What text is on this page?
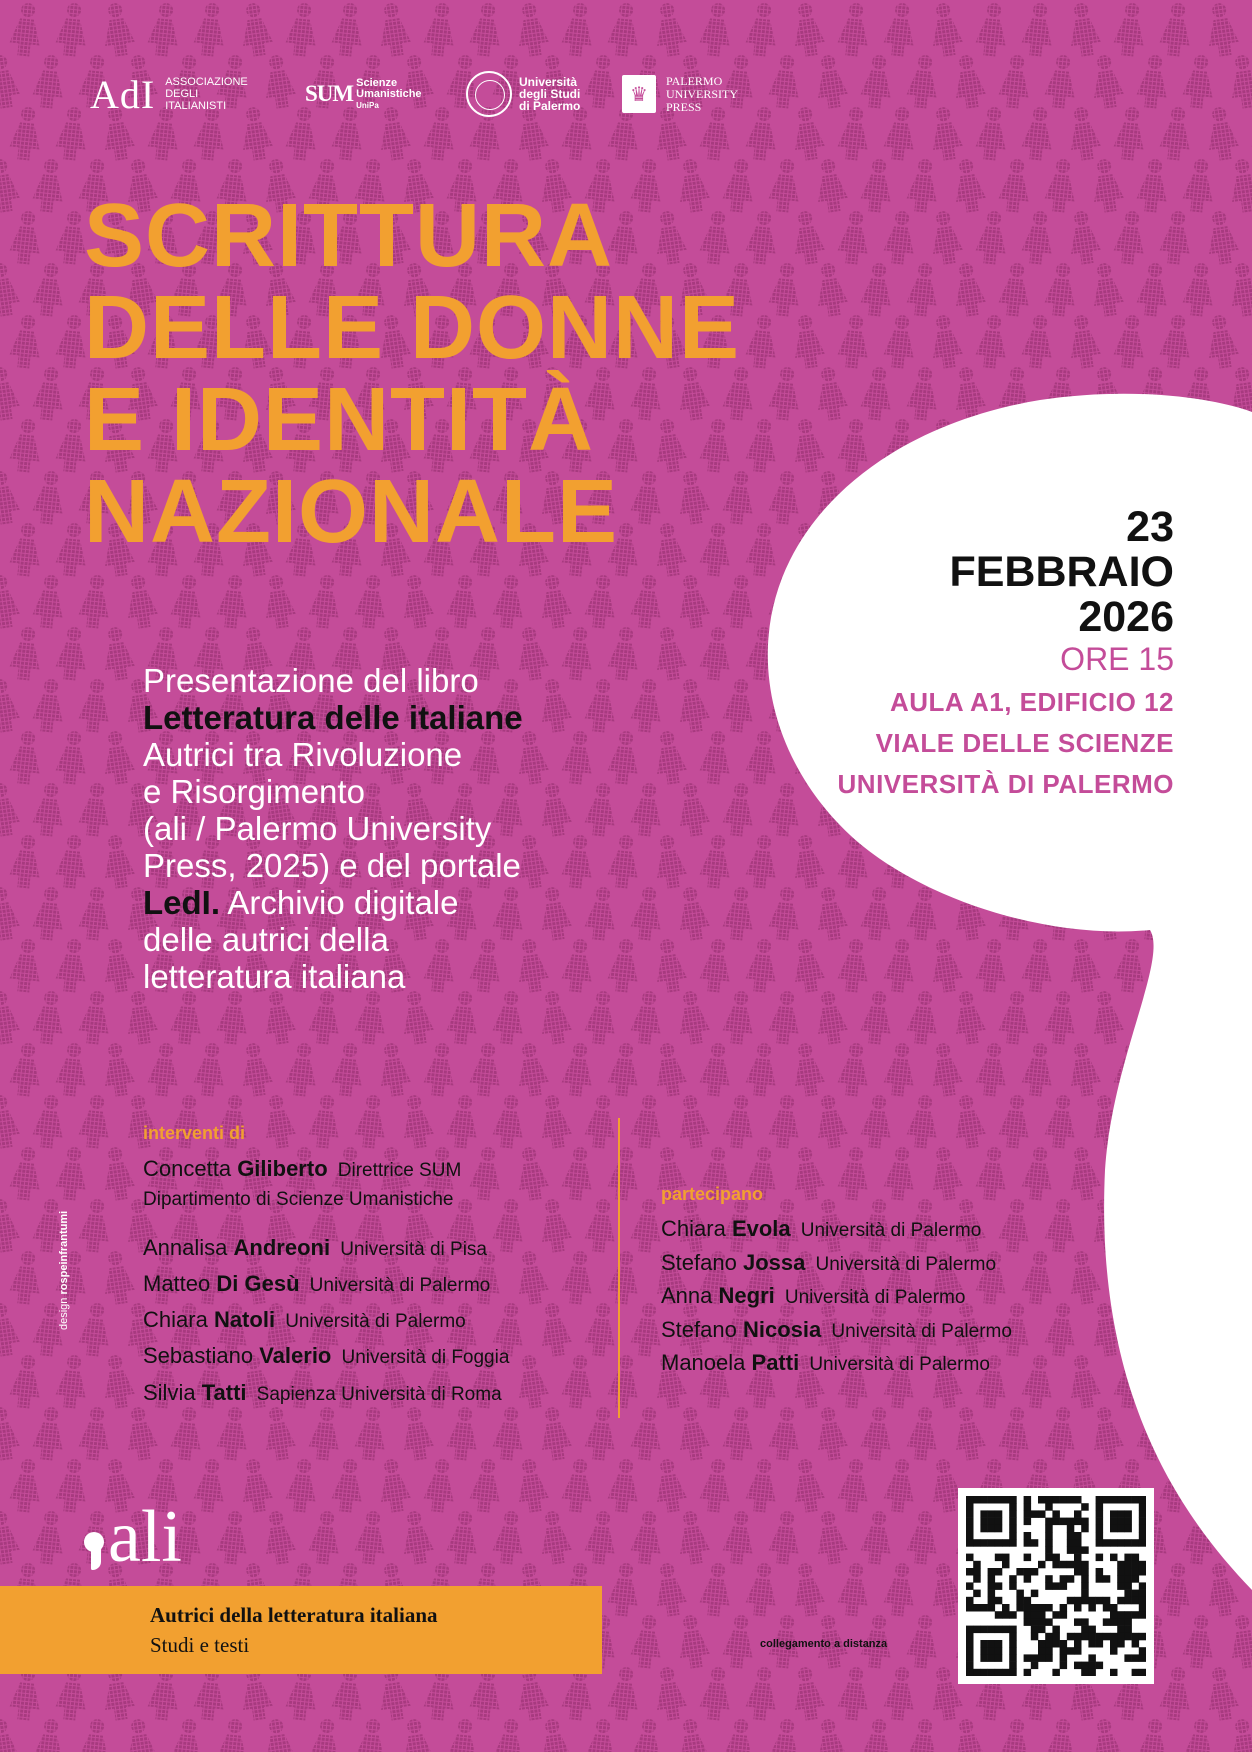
AdI ASSOCIAZIONE
DEGLI
ITALIANISTI	SUM Scienze
Umanistiche
UniPa
Università
degli Studi
di Palermo
♛
PALERMO
UNIVERSITY
PRESS
SCRITTURA
DELLE DONNE
E IDENTITÀ
NAZIONALE	23
FEBBRAIO
2026
ORE 15
AULA A1, EDIFICIO 12
VIALE DELLE SCIENZE
UNIVERSITÀ DI PALERMO
Presentazione del libro
Letteratura delle italiane
Autrici tra Rivoluzione
e Risorgimento
(ali / Palermo University
Press, 2025) e del portale
LedI. Archivio digitale
delle autrici della
letteratura italiana
interventi di
Concetta Giliberto Direttrice SUM
Dipartimento di Scienze Umanistiche
Annalisa Andreoni Università di Pisa
Matteo Di Gesù Università di Palermo
Chiara Natoli Università di Palermo
Sebastiano Valerio Università di Foggia
Silvia Tatti Sapienza Università di Roma
partecipano
Chiara Evola Università di Palermo
Stefano Jossa Università di Palermo
Anna Negri Università di Palermo
Stefano Nicosia Università di Palermo
Manoela Patti Università di Palermo
design rospeinfrantumi
ali
Autrici della letteratura italiana
Studi e testi	collegamento a distanza
